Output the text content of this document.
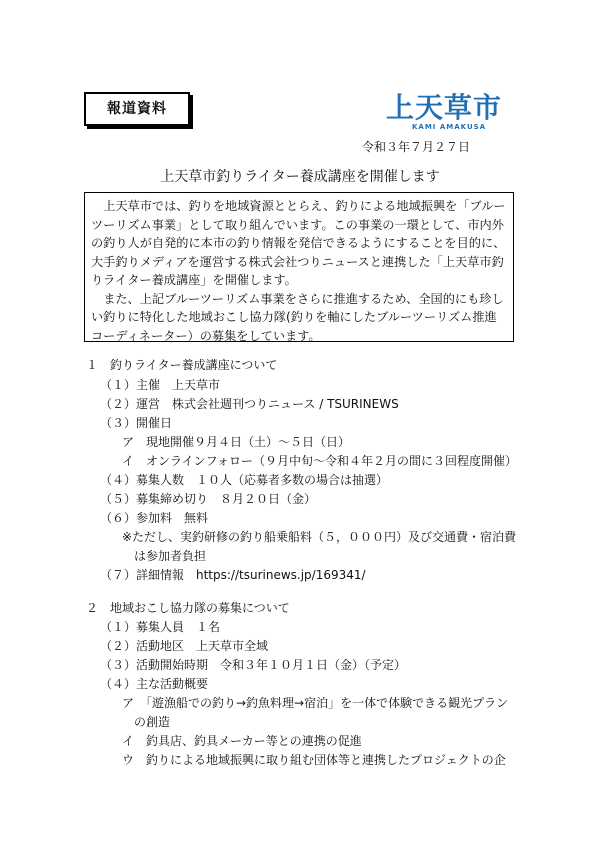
報道資料	上天草市
KAMI AMAKUSA
令和３年７月２７日
上天草市釣りライター養成講座を開催します

上天草市では、釣りを地域資源ととらえ、釣りによる地域振興を「ブルーツーリズム事業」として取り組んでいます。この事業の一環として、市内外の釣り人が自発的に本市の釣り情報を発信できるようにすることを目的に、大手釣りメディアを運営する株式会社つりニュースと連携した「上天草市釣りライター養成講座」を開催します。

また、上記ブルーツーリズム事業をさらに推進するため、全国的にも珍しい釣りに特化した地域おこし協力隊(釣りを軸にしたブルーツーリズム推進コーディネーター）の募集をしています。

１　釣りライター養成講座について
（１）主催　上天草市
（２）運営　株式会社週刊つりニュース / TSURINEWS
（３）開催日
ア　現地開催９月４日（土）～５日（日）
イ　オンラインフォロー（９月中旬～令和４年２月の間に３回程度開催）
（４）募集人数　１０人（応募者多数の場合は抽選）
（５）募集締め切り　８月２０日（金）
（６）参加料　無料
※ただし、実釣研修の釣り船乗船料（５，０００円）及び交通費・宿泊費
は参加者負担
（７）詳細情報　https://tsurinews.jp/169341/
２　地域おこし協力隊の募集について
（１）募集人員　１名
（２）活動地区　上天草市全域
（３）活動開始時期　令和３年１０月１日（金）（予定）
（４）主な活動概要
ア　「遊漁船での釣り→釣魚料理→宿泊」を一体で体験できる観光プラン
の創造
イ　釣具店、釣具メーカー等との連携の促進
ウ　釣りによる地域振興に取り組む団体等と連携したプロジェクトの企
